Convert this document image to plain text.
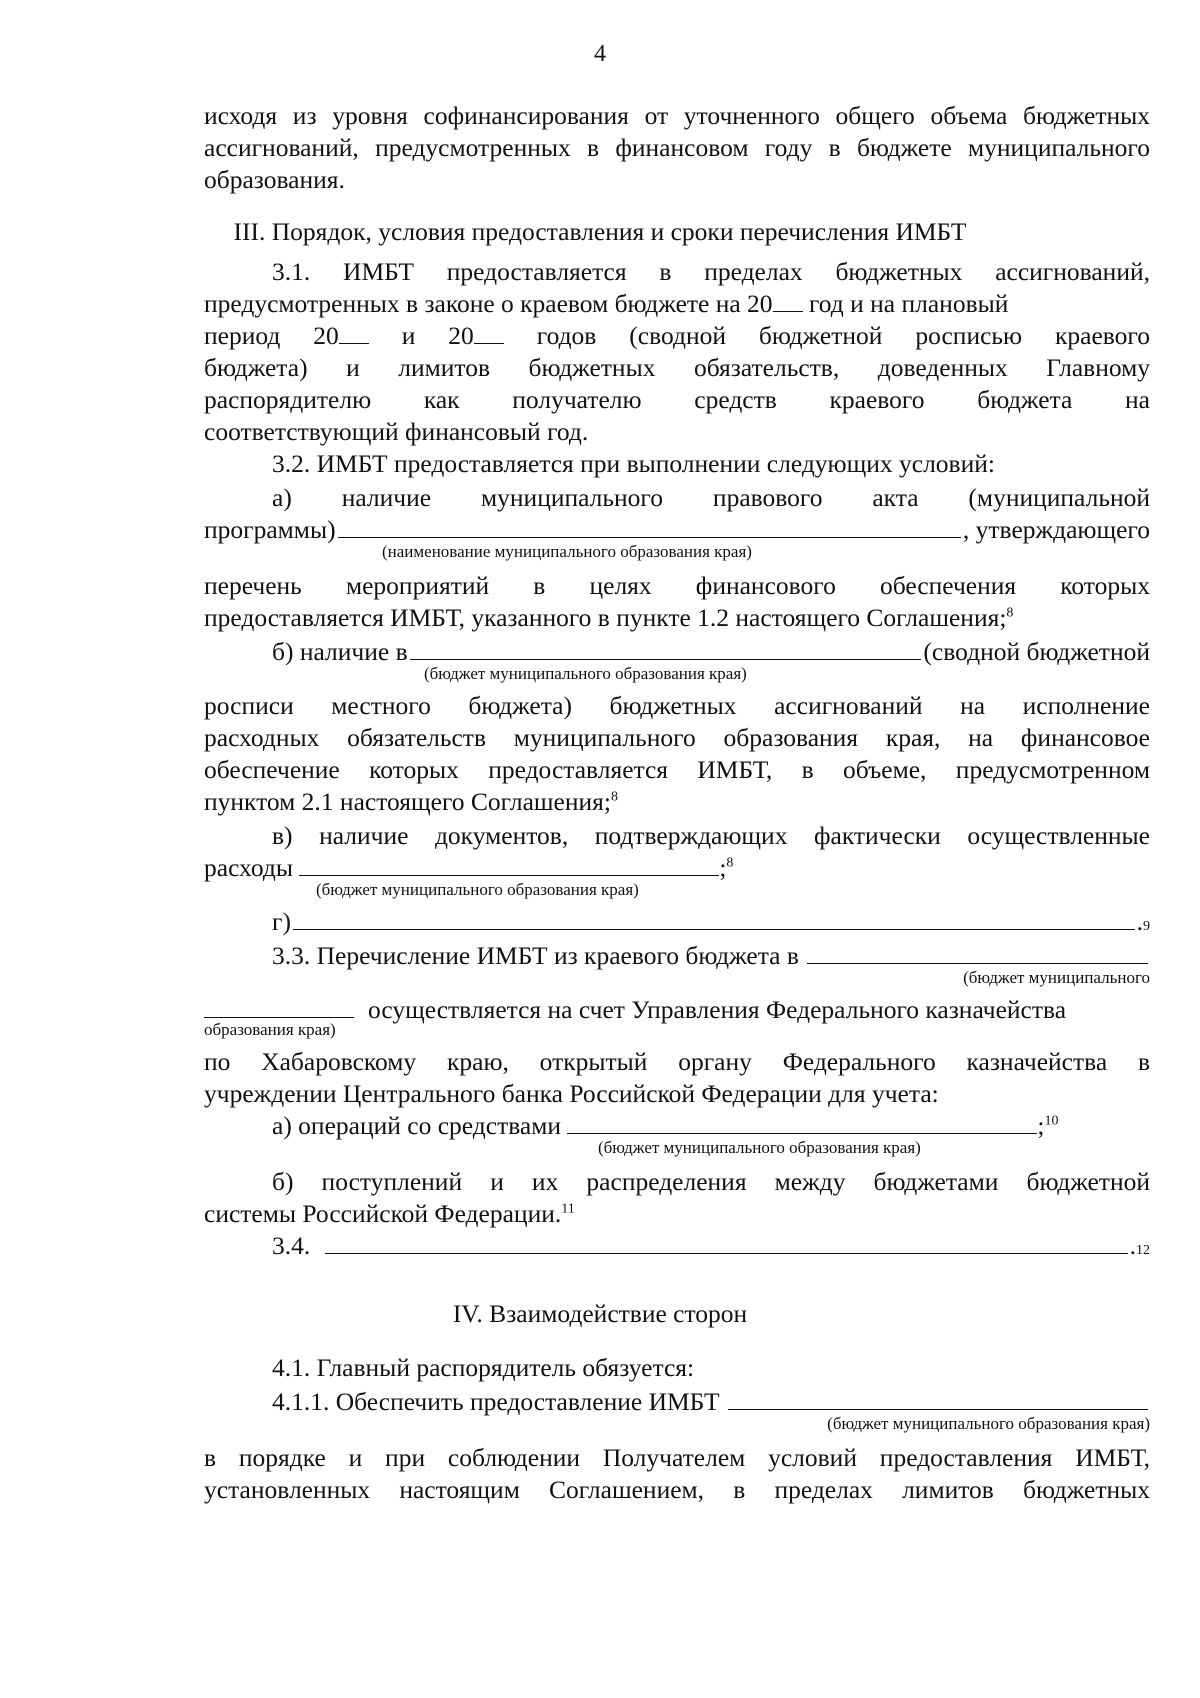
4
исходя из уровня софинансирования от уточненного общего объема бюджетных
ассигнований, предусмотренных в финансовом году в бюджете муниципального
образования.
III. Порядок, условия предоставления и сроки перечисления ИМБТ
3.1. ИМБТ предоставляется в пределах бюджетных ассигнований,
предусмотренных в законе о краевом бюджете на 20 год и на плановый
период 20 и 20 годов (сводной бюджетной росписью краевого
бюджета) и лимитов бюджетных обязательств, доведенных Главному
распорядителю как получателю средств краевого бюджета на
соответствующий финансовый год.
3.2. ИМБТ предоставляется при выполнении следующих условий:
а) наличие муниципального правового акта (муниципальной
программы)	, утверждающего
(наименование муниципального образования края)
перечень мероприятий в целях финансового обеспечения которых
предоставляется ИМБТ, указанного в пункте 1.2 настоящего Соглашения;$^8$
б) наличие в	(сводной бюджетной
(бюджет муниципального образования края)
росписи местного бюджета) бюджетных ассигнований на исполнение
расходных обязательств муниципального образования края, на финансовое
обеспечение которых предоставляется ИМБТ, в объеме, предусмотренном
пунктом 2.1 настоящего Соглашения;$^8$
в) наличие документов, подтверждающих фактически осуществленные
расходы	;$^8$
(бюджет муниципального образования края)
г)	. 9
3.3. Перечисление ИМБТ из краевого бюджета в

(бюджет муниципального
осуществляется на счет Управления Федерального казначейства
образования края)
по Хабаровскому краю, открытый органу Федерального казначейства в
учреждении Центрального банка Российской Федерации для учета:
а) операций со средствами	;$^{10}$
(бюджет муниципального образования края)
б) поступлений и их распределения между бюджетами бюджетной
системы Российской Федерации.$^{11}$
3.4.
	. 12
IV. Взаимодействие сторон
4.1. Главный распорядитель обязуется:
4.1.1. Обеспечить предоставление ИМБТ

(бюджет муниципального образования края)
в порядке и при соблюдении Получателем условий предоставления ИМБТ,
установленных настоящим Соглашением, в пределах лимитов бюджетных
